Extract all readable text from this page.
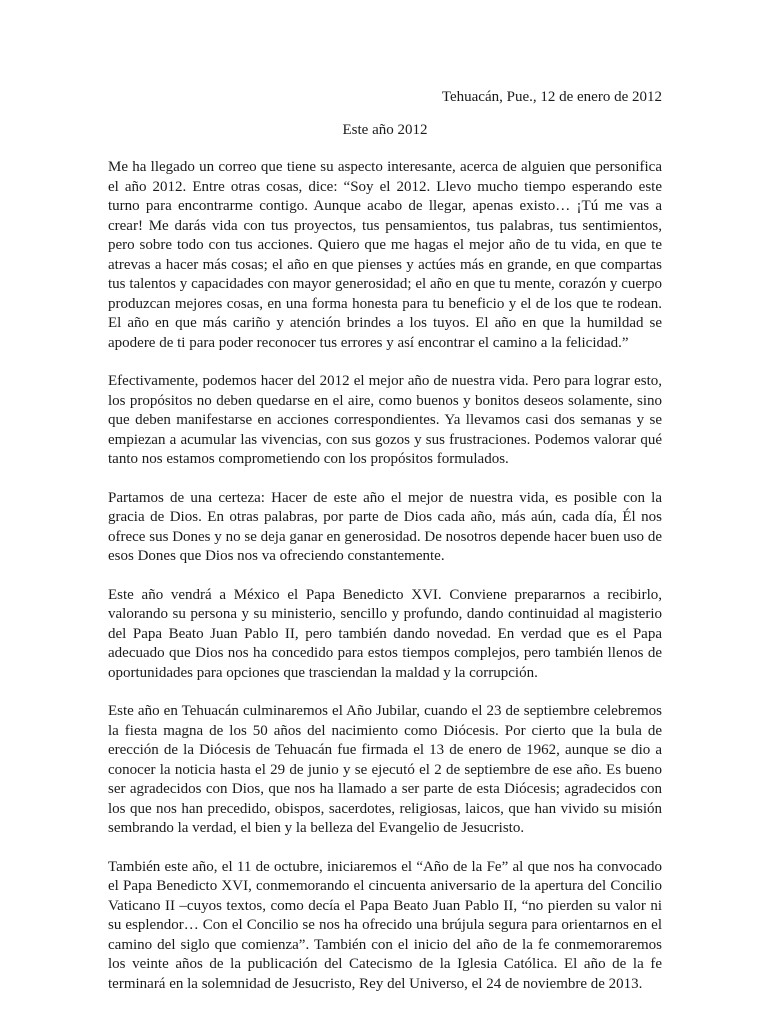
Tehuacán, Pue., 12 de enero de 2012

Este año 2012

Me ha llegado un correo que tiene su aspecto interesante, acerca de alguien que personifica el año 2012. Entre otras cosas, dice: “Soy el 2012. Llevo mucho tiempo esperando este turno para encontrarme contigo. Aunque acabo de llegar, apenas existo… ¡Tú me vas a crear! Me darás vida con tus proyectos, tus pensamientos, tus palabras, tus sentimientos, pero sobre todo con tus acciones. Quiero que me hagas el mejor año de tu vida, en que te atrevas a hacer más cosas; el año en que pienses y actúes más en grande, en que compartas tus talentos y capacidades con mayor generosidad; el año en que tu mente, corazón y cuerpo produzcan mejores cosas, en una forma honesta para tu beneficio y el de los que te rodean. El año en que más cariño y atención brindes a los tuyos. El año en que la humildad se apodere de ti para poder reconocer tus errores y así encontrar el camino a la felicidad.”

Efectivamente, podemos hacer del 2012 el mejor año de nuestra vida. Pero para lograr esto, los propósitos no deben quedarse en el aire, como buenos y bonitos deseos solamente, sino que deben manifestarse en acciones correspondientes. Ya llevamos casi dos semanas y se empiezan a acumular las vivencias, con sus gozos y sus frustraciones. Podemos valorar qué tanto nos estamos comprometiendo con los propósitos formulados.

Partamos de una certeza: Hacer de este año el mejor de nuestra vida, es posible con la gracia de Dios. En otras palabras, por parte de Dios cada año, más aún, cada día, Él nos ofrece sus Dones y no se deja ganar en generosidad. De nosotros depende hacer buen uso de esos Dones que Dios nos va ofreciendo constantemente.

Este año vendrá a México el Papa Benedicto XVI. Conviene prepararnos a recibirlo, valorando su persona y su ministerio, sencillo y profundo, dando continuidad al magisterio del Papa Beato Juan Pablo II, pero también dando novedad. En verdad que es el Papa adecuado que Dios nos ha concedido para estos tiempos complejos, pero también llenos de oportunidades para opciones que trasciendan la maldad y la corrupción.

Este año en Tehuacán culminaremos el Año Jubilar, cuando el 23 de septiembre celebremos la fiesta magna de los 50 años del nacimiento como Diócesis. Por cierto que la bula de erección de la Diócesis de Tehuacán fue firmada el 13 de enero de 1962, aunque se dio a conocer la noticia hasta el 29 de junio y se ejecutó el 2 de septiembre de ese año. Es bueno ser agradecidos con Dios, que nos ha llamado a ser parte de esta Diócesis; agradecidos con los que nos han precedido, obispos, sacerdotes, religiosas, laicos, que han vivido su misión sembrando la verdad, el bien y la belleza del Evangelio de Jesucristo.

También este año, el 11 de octubre, iniciaremos el “Año de la Fe” al que nos ha convocado el Papa Benedicto XVI, conmemorando el cincuenta aniversario de la apertura del Concilio Vaticano II –cuyos textos, como decía el Papa Beato Juan Pablo II, “no pierden su valor ni su esplendor… Con el Concilio se nos ha ofrecido una brújula segura para orientarnos en el camino del siglo que comienza”. También con el inicio del año de la fe conmemoraremos los veinte años de la publicación del Catecismo de la Iglesia Católica. El año de la fe terminará en la solemnidad de Jesucristo, Rey del Universo, el 24 de noviembre de 2013.
